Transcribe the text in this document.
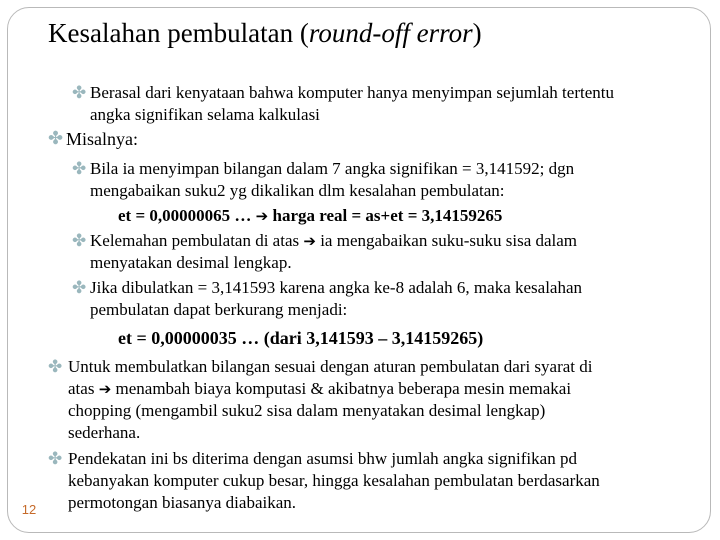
Kesalahan pembulatan (round-off error)
✤ Berasal dari kenyataan bahwa komputer hanya menyimpan sejumlah tertentu
angka signifikan selama kalkulasi
✤ Misalnya:
✤ Bila ia menyimpan bilangan dalam 7 angka signifikan = 3,141592; dgn
mengabaikan suku2 yg dikalikan dlm kesalahan pembulatan:
et = 0,00000065 … ➔ harga real = as+et = 3,14159265
✤ Kelemahan pembulatan di atas ➔ ia mengabaikan suku-suku sisa dalam
menyatakan desimal lengkap.
✤ Jika dibulatkan = 3,141593 karena angka ke-8 adalah 6, maka kesalahan
pembulatan dapat berkurang menjadi:
et = 0,00000035 … (dari 3,141593 – 3,14159265)
✤ Untuk membulatkan bilangan sesuai dengan aturan pembulatan dari syarat di
atas ➔ menambah biaya komputasi & akibatnya beberapa mesin memakai
chopping (mengambil suku2 sisa dalam menyatakan desimal lengkap)
sederhana.
✤ Pendekatan ini bs diterima dengan asumsi bhw jumlah angka signifikan pd
kebanyakan komputer cukup besar, hingga kesalahan pembulatan berdasarkan
permotongan biasanya diabaikan.
12
